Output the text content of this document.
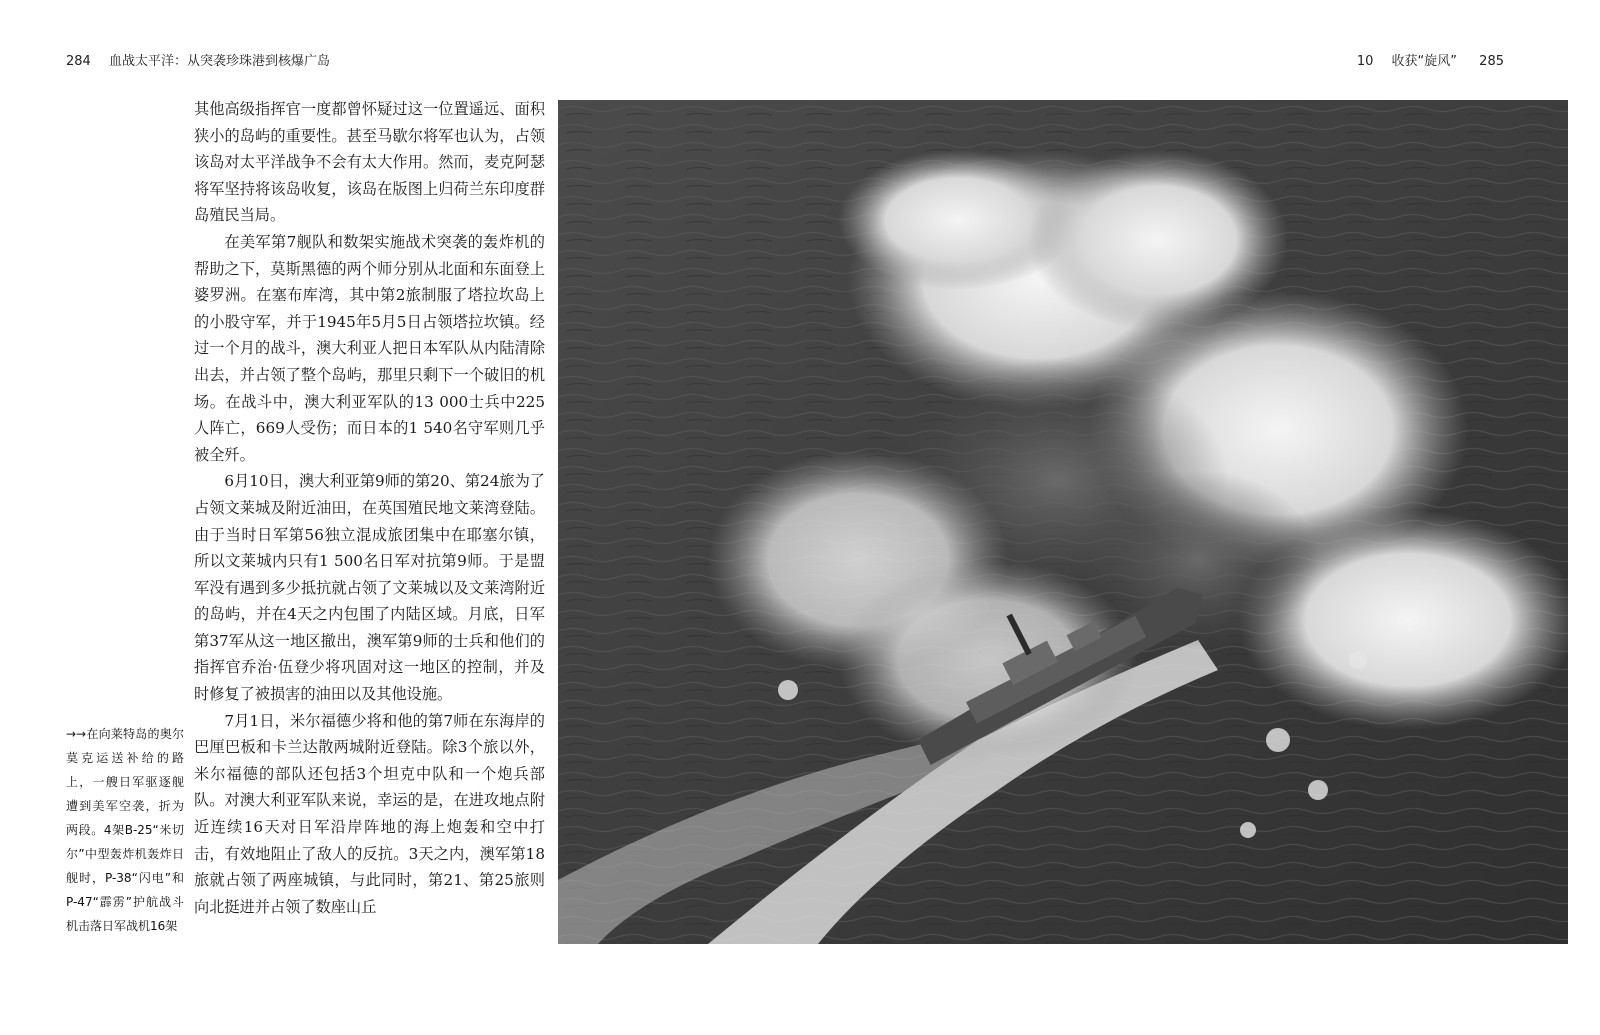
284 血战太平洋：从突袭珍珠港到核爆广岛	10 收获“旋风” 285

其他高级指挥官一度都曾怀疑过这一位置遥远、面积狭小的岛屿的重要性。甚至马歇尔将军也认为，占领该岛对太平洋战争不会有太大作用。然而，麦克阿瑟将军坚持将该岛收复，该岛在版图上归荷兰东印度群岛殖民当局。

在美军第7舰队和数架实施战术突袭的轰炸机的帮助之下，莫斯黑德的两个师分别从北面和东面登上婆罗洲。在塞布库湾，其中第2旅制服了塔拉坎岛上的小股守军，并于1945年5月5日占领塔拉坎镇。经过一个月的战斗，澳大利亚人把日本军队从内陆清除出去，并占领了整个岛屿，那里只剩下一个破旧的机场。在战斗中，澳大利亚军队的13 000士兵中225人阵亡，669人受伤；而日本的1 540名守军则几乎被全歼。

6月10日，澳大利亚第9师的第20、第24旅为了占领文莱城及附近油田，在英国殖民地文莱湾登陆。由于当时日军第56独立混成旅团集中在耶塞尔镇，所以文莱城内只有1 500名日军对抗第9师。于是盟军没有遇到多少抵抗就占领了文莱城以及文莱湾附近的岛屿，并在4天之内包围了内陆区域。月底，日军第37军从这一地区撤出，澳军第9师的士兵和他们的指挥官乔治·伍登少将巩固对这一地区的控制，并及时修复了被损害的油田以及其他设施。

7月1日，米尔福德少将和他的第7师在东海岸的巴厘巴板和卡兰达散两城附近登陆。除3个旅以外，米尔福德的部队还包括3个坦克中队和一个炮兵部队。对澳大利亚军队来说，幸运的是，在进攻地点附近连续16天对日军沿岸阵地的海上炮轰和空中打击，有效地阻止了敌人的反抗。3天之内，澳军第18旅就占领了两座城镇，与此同时，第21、第25旅则向北挺进并占领了数座山丘

→→在向莱特岛的奥尔莫克运送补给的路上，一艘日军驱逐舰遭到美军空袭，折为两段。4架B-25“米切尔”中型轰炸机轰炸日舰时，P-38“闪电”和P-47“霹雳”护航战斗机击落日军战机16架
